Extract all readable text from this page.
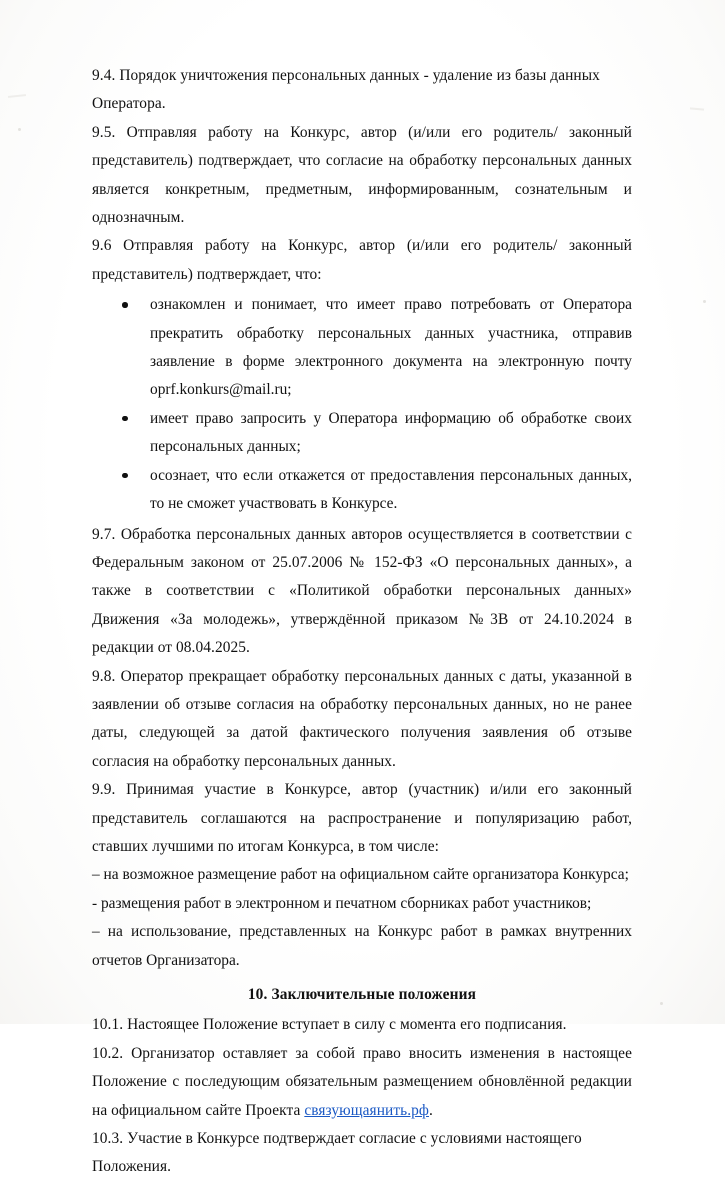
9.4. Порядок уничтожения персональных данных - удаление из базы данных Оператора.

9.5. Отправляя работу на Конкурс, автор (и/или его родитель/ законный представитель) подтверждает, что согласие на обработку персональных данных является конкретным, предметным, информированным, сознательным и однозначным.

9.6 Отправляя работу на Конкурс, автор (и/или его родитель/ законный представитель) подтверждает, что:

ознакомлен и понимает, что имеет право потребовать от Оператора прекратить обработку персональных данных участника, отправив заявление в форме электронного документа на электронную почту oprf.konkurs@mail.ru;
имеет право запросить у Оператора информацию об обработке своих персональных данных;
осознает, что если откажется от предоставления персональных данных, то не сможет участвовать в Конкурсе.

9.7. Обработка персональных данных авторов осуществляется в соответствии с Федеральным законом от 25.07.2006 № 152-ФЗ «О персональных данных», а также в соответствии с «Политикой обработки персональных данных» Движения «За молодежь», утверждённой приказом №3В от 24.10.2024 в редакции от 08.04.2025.

9.8. Оператор прекращает обработку персональных данных с даты, указанной в заявлении об отзыве согласия на обработку персональных данных, но не ранее даты, следующей за датой фактического получения заявления об отзыве согласия на обработку персональных данных.

9.9. Принимая участие в Конкурсе, автор (участник) и/или его законный представитель соглашаются на распространение и популяризацию работ, ставших лучшими по итогам Конкурса, в том числе:

– на возможное размещение работ на официальном сайте организатора Конкурса;

- размещения работ в электронном и печатном сборниках работ участников;

– на использование, представленных на Конкурс работ в рамках внутренних отчетов Организатора.

10. Заключительные положения

10.1. Настоящее Положение вступает в силу с момента его подписания.

10.2. Организатор оставляет за собой право вносить изменения в настоящее Положение с последующим обязательным размещением обновлённой редакции на официальном сайте Проекта связующаянить.рф.

10.3. Участие в Конкурсе подтверждает согласие с условиями настоящего Положения.
